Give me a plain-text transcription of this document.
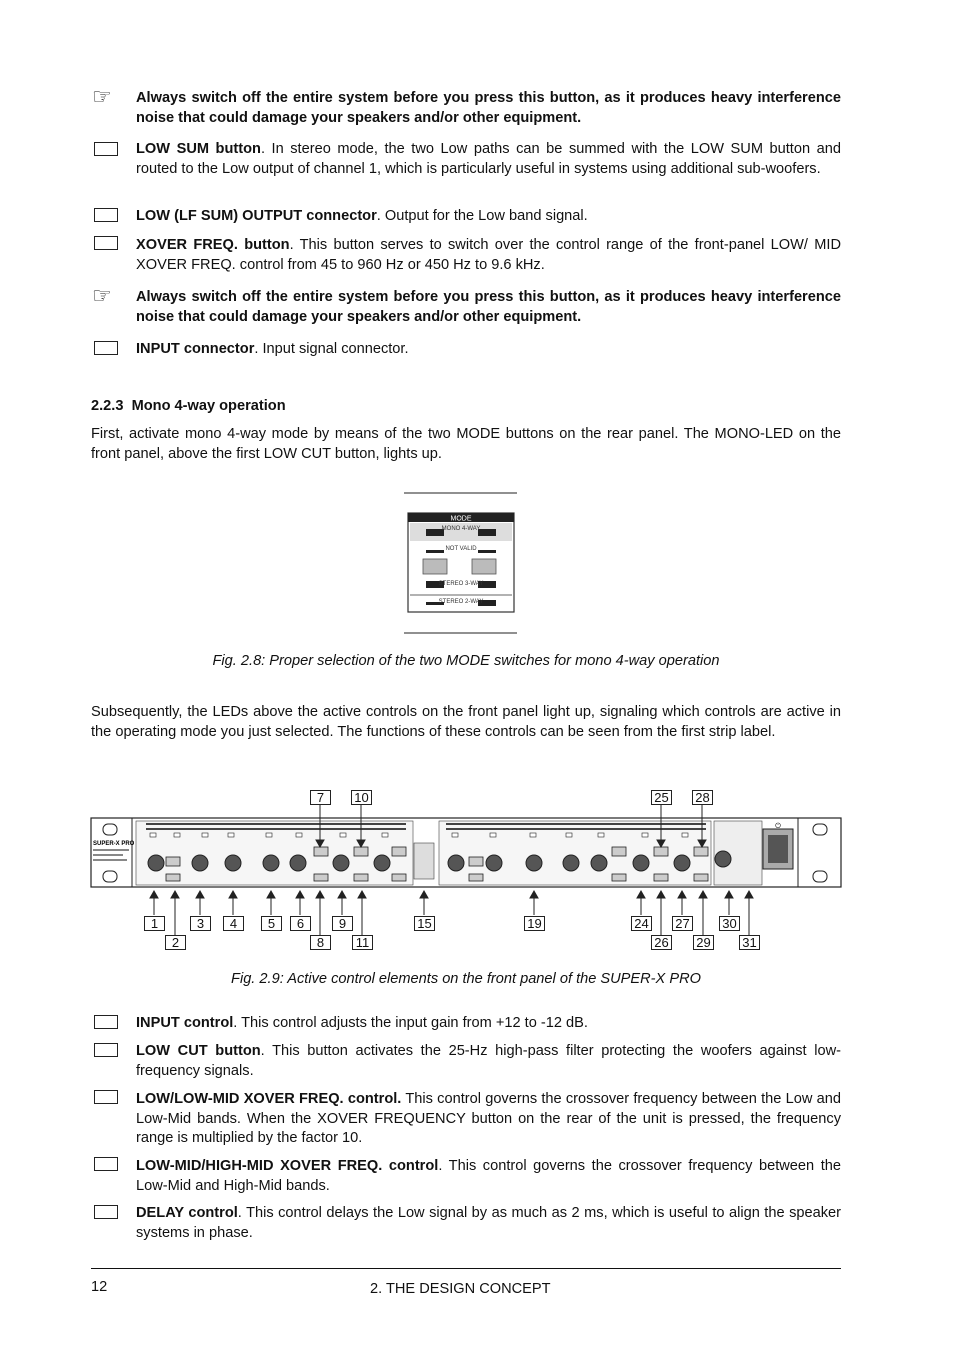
☞ Always switch off the entire system before you press this button, as it produces heavy interference noise that could damage your speakers and/or other equipment.
LOW SUM button. In stereo mode, the two Low paths can be summed with the LOW SUM button and routed to the Low output of channel 1, which is particularly useful in systems using additional sub-woofers.
LOW (LF SUM) OUTPUT connector. Output for the Low band signal.
XOVER FREQ. button. This button serves to switch over the control range of the front-panel LOW/ MID XOVER FREQ. control from 45 to 960 Hz or 450 Hz to 9.6 kHz.
☞ Always switch off the entire system before you press this button, as it produces heavy interference noise that could damage your speakers and/or other equipment.
INPUT connector. Input signal connector.
2.2.3 Mono 4-way operation
First, activate mono 4-way mode by means of the two MODE buttons on the rear panel. The MONO-LED on the front panel, above the first LOW CUT button, lights up.
MODE
MONO 4-WAY
NOT VALID
STEREO 3-WAY
STEREO 2-WAY
Fig. 2.8: Proper selection of the two MODE switches for mono 4-way operation
Subsequently, the LEDs above the active controls on the front panel light up, signaling which controls are active in the operating mode you just selected. The functions of these controls can be seen from the first strip label.
SUPER-X PRO
⏻
7	10	25 28
1	3	4	5	6	9	15	19	24 27	30
2	8	11	26 29 31
Fig. 2.9: Active control elements on the front panel of the SUPER-X PRO
INPUT control. This control adjusts the input gain from +12 to -12 dB.
LOW CUT button. This button activates the 25-Hz high-pass filter protecting the woofers against low-frequency signals.
LOW/LOW-MID XOVER FREQ. control. This control governs the crossover frequency between the Low and Low-Mid bands. When the XOVER FREQUENCY button on the rear of the unit is pressed, the frequency range is multiplied by the factor 10.
LOW-MID/HIGH-MID XOVER FREQ. control. This control governs the crossover frequency between the Low-Mid and High-Mid bands.
DELAY control. This control delays the Low signal by as much as 2 ms, which is useful to align the speaker systems in phase.
12	2. THE DESIGN CONCEPT
